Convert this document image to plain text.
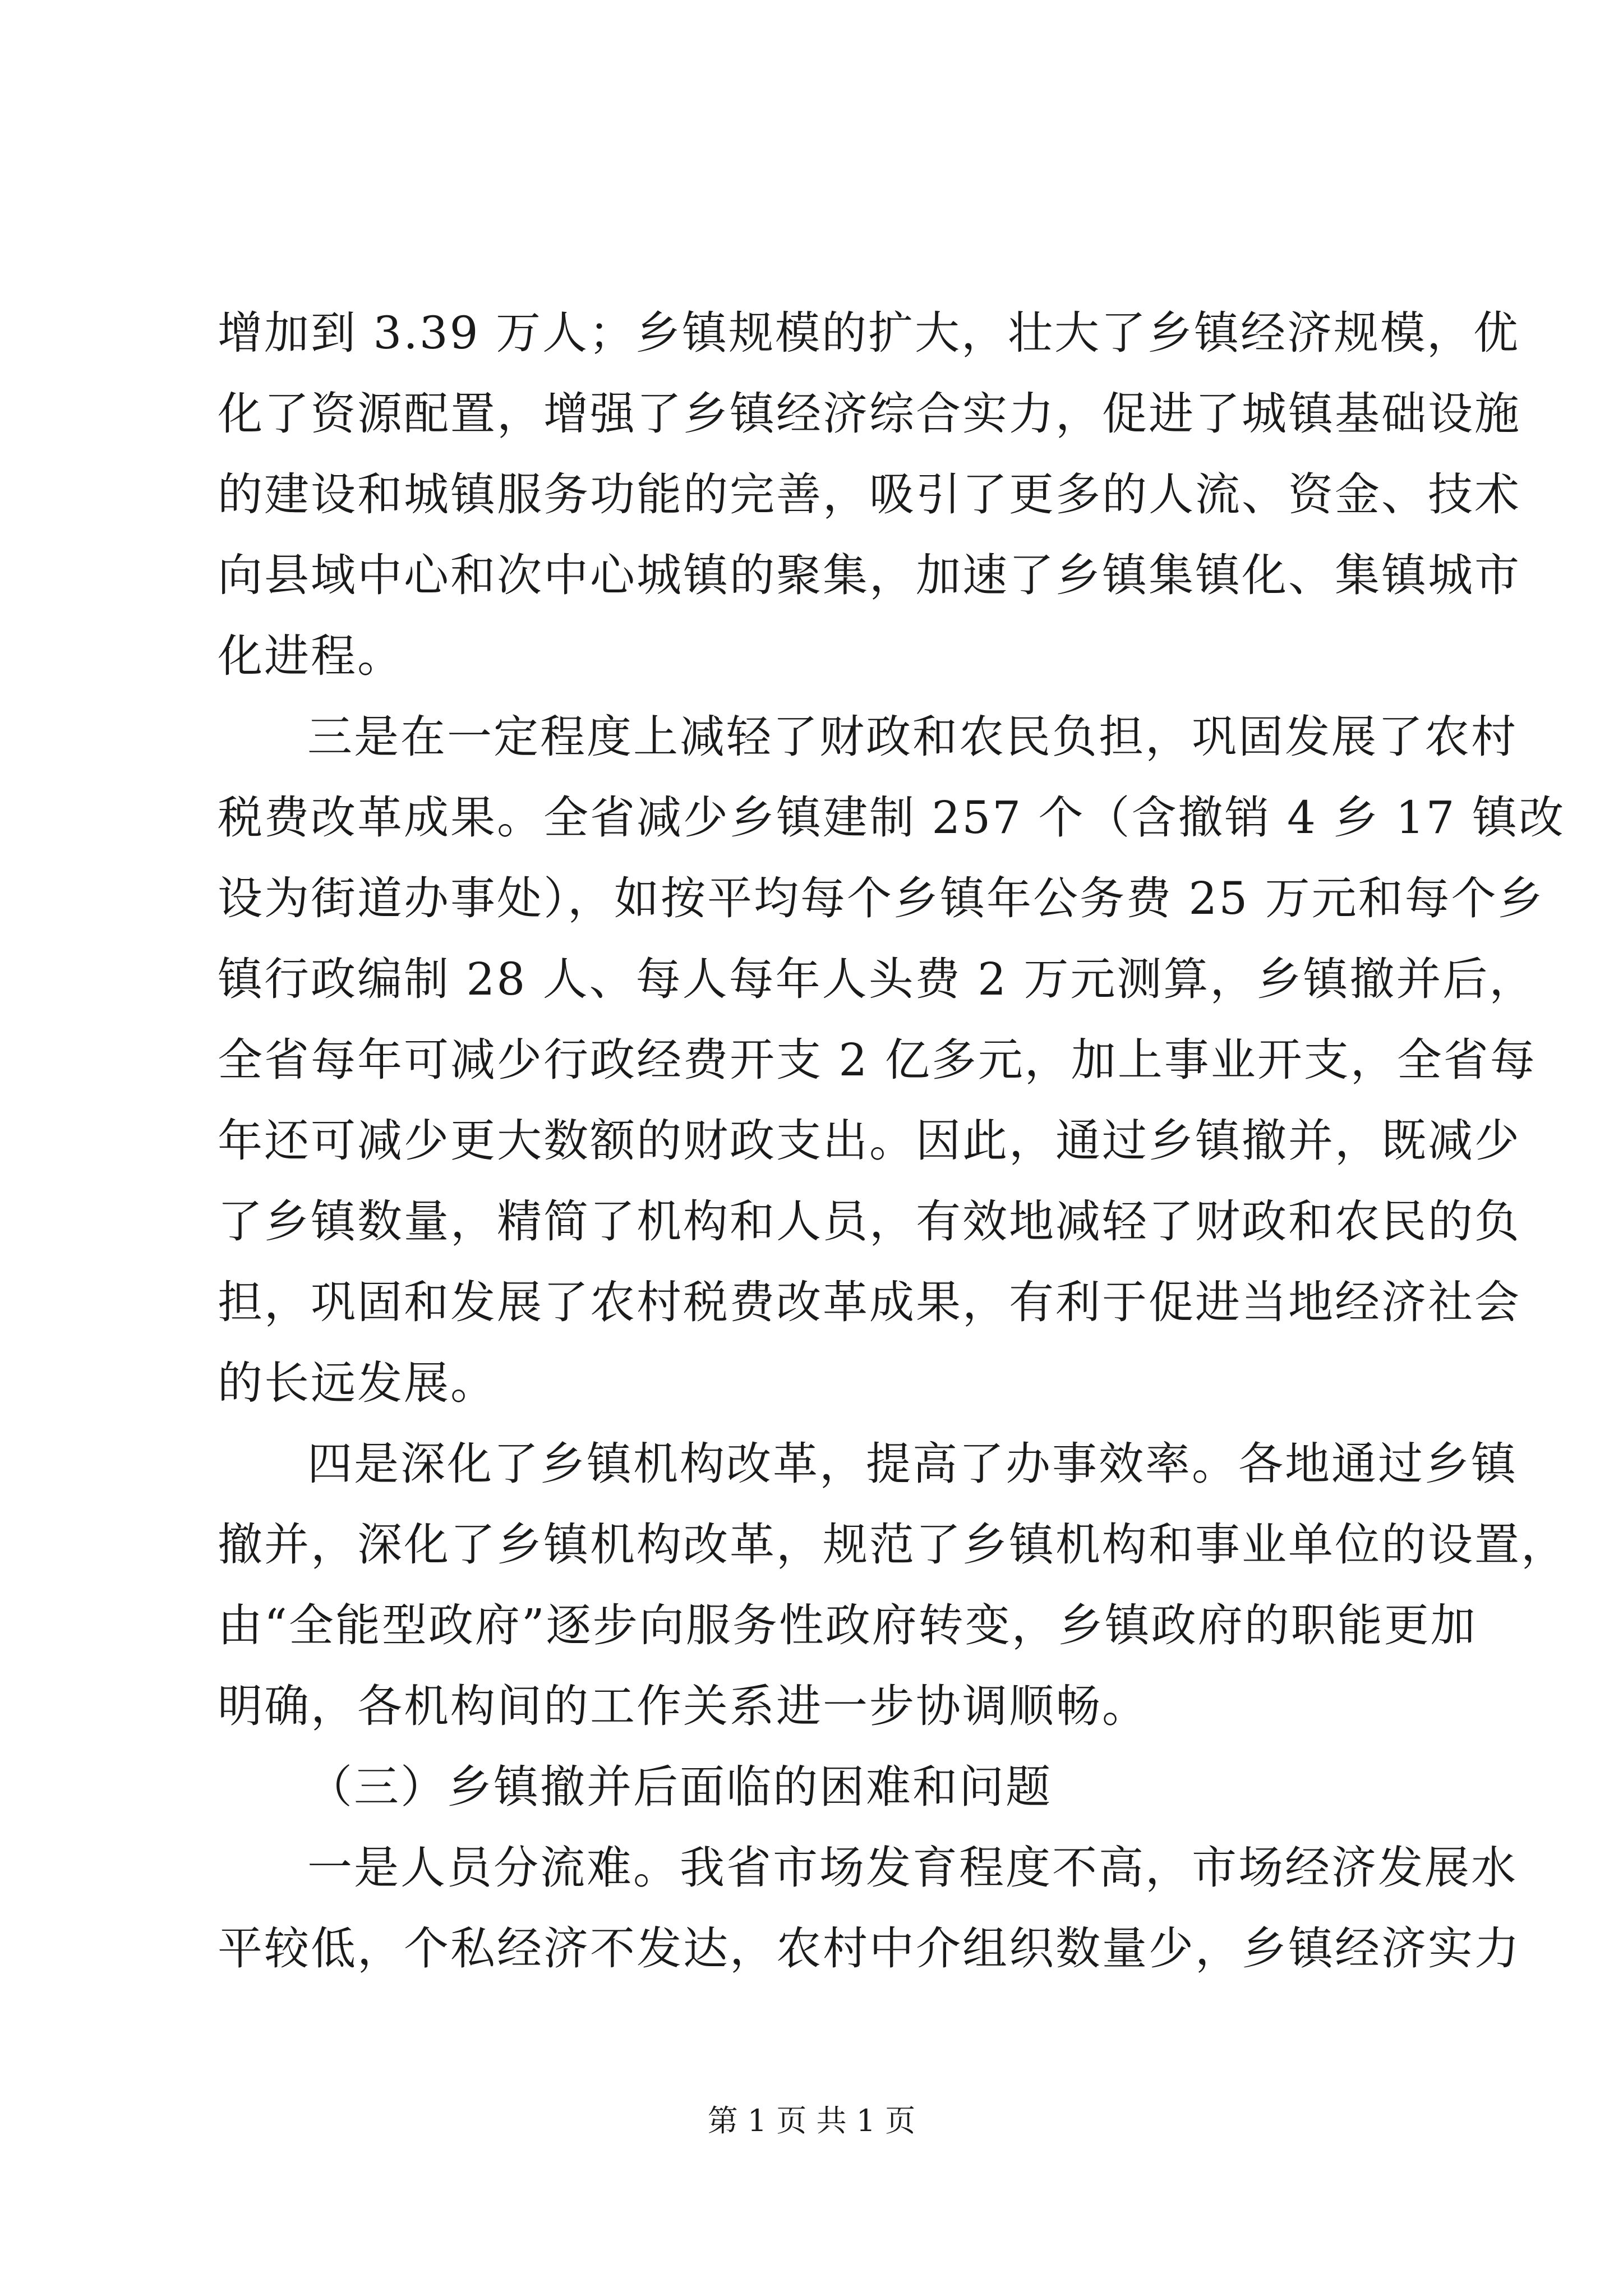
增加到 3.39 万人；乡镇规模的扩大，壮大了乡镇经济规模，优
化了资源配置，增强了乡镇经济综合实力，促进了城镇基础设施
的建设和城镇服务功能的完善，吸引了更多的人流、资金、技术
向县域中心和次中心城镇的聚集，加速了乡镇集镇化、集镇城市
化进程。
三是在一定程度上减轻了财政和农民负担，巩固发展了农村
税费改革成果。全省减少乡镇建制 257 个（含撤销 4 乡 17 镇改
设为街道办事处），如按平均每个乡镇年公务费 25 万元和每个乡
镇行政编制 28 人、每人每年人头费 2 万元测算，乡镇撤并后，
全省每年可减少行政经费开支 2 亿多元，加上事业开支，全省每
年还可减少更大数额的财政支出。因此，通过乡镇撤并，既减少
了乡镇数量，精简了机构和人员，有效地减轻了财政和农民的负
担，巩固和发展了农村税费改革成果，有利于促进当地经济社会
的长远发展。
四是深化了乡镇机构改革，提高了办事效率。各地通过乡镇
撤并，深化了乡镇机构改革，规范了乡镇机构和事业单位的设置，
由“全能型政府”逐步向服务性政府转变，乡镇政府的职能更加
明确，各机构间的工作关系进一步协调顺畅。
（三）乡镇撤并后面临的困难和问题
一是人员分流难。我省市场发育程度不高，市场经济发展水
平较低，个私经济不发达，农村中介组织数量少，乡镇经济实力
第 1 页 共 1 页
